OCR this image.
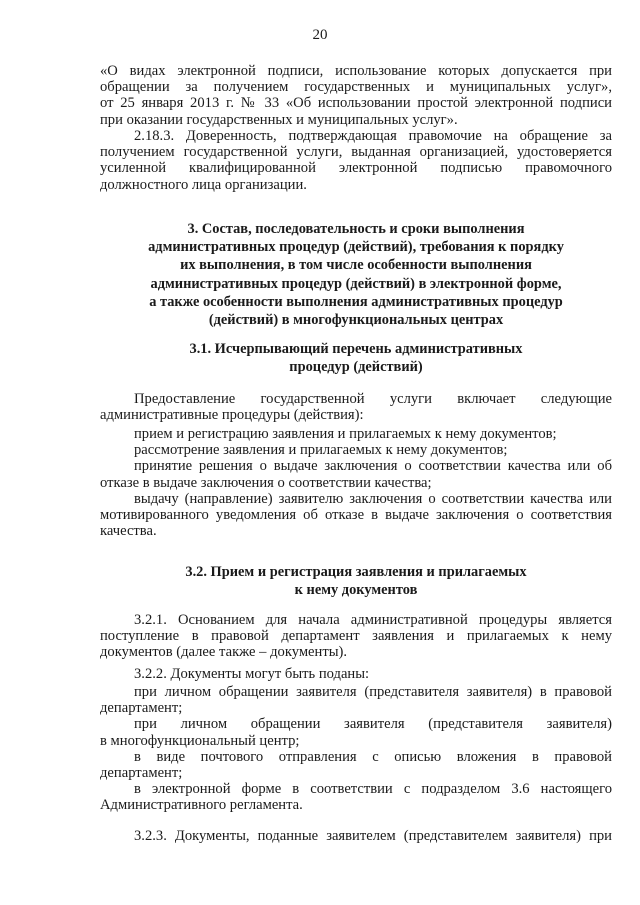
20
«О видах электронной подписи, использование которых допускается при
обращении за получением государственных и муниципальных услуг»,
от 25 января 2013 г. № 33 «Об использовании простой электронной подписи
при оказании государственных и муниципальных услуг».
2.18.3. Доверенность, подтверждающая правомочие на обращение за
получением государственной услуги, выданная организацией, удостоверяется
усиленной квалифицированной электронной подписью правомочного
должностного лица организации.
3. Состав, последовательность и сроки выполнения
административных процедур (действий), требования к порядку
их выполнения, в том числе особенности выполнения
административных процедур (действий) в электронной форме,
а также особенности выполнения административных процедур
(действий) в многофункциональных центрах
3.1. Исчерпывающий перечень административных
процедур (действий)
Предоставление государственной услуги включает следующие
административные процедуры (действия):
прием и регистрацию заявления и прилагаемых к нему документов;
рассмотрение заявления и прилагаемых к нему документов;
принятие решения о выдаче заключения о соответствии качества или об
отказе в выдаче заключения о соответствии качества;
выдачу (направление) заявителю заключения о соответствии качества или
мотивированного уведомления об отказе в выдаче заключения о соответствия
качества.
3.2. Прием и регистрация заявления и прилагаемых
к нему документов
3.2.1. Основанием для начала административной процедуры является
поступление в правовой департамент заявления и прилагаемых к нему
документов (далее также – документы).
3.2.2. Документы могут быть поданы:
при личном обращении заявителя (представителя заявителя) в правовой
департамент;
при личном обращении заявителя (представителя заявителя)
в многофункциональный центр;
в виде почтового отправления с описью вложения в правовой
департамент;
в электронной форме в соответствии с подразделом 3.6 настоящего
Административного регламента.
3.2.3. Документы, поданные заявителем (представителем заявителя) при
